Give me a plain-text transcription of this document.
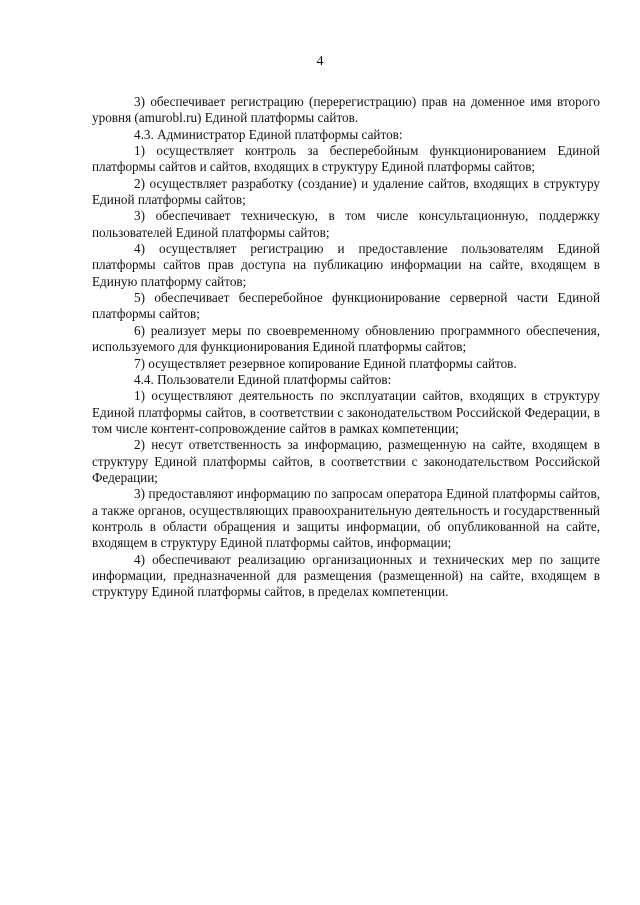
4

3) обеспечивает регистрацию (перерегистрацию) прав на доменное имя второго уровня (amurobl.ru) Единой платформы сайтов.

4.3. Администратор Единой платформы сайтов:

1) осуществляет контроль за бесперебойным функционированием Единой платформы сайтов и сайтов, входящих в структуру Единой платформы сайтов;

2) осуществляет разработку (создание) и удаление сайтов, входящих в структуру Единой платформы сайтов;

3) обеспечивает техническую, в том числе консультационную, поддержку пользователей Единой платформы сайтов;

4) осуществляет регистрацию и предоставление пользователям Единой платформы сайтов прав доступа на публикацию информации на сайте, входящем в Единую платформу сайтов;

5) обеспечивает бесперебойное функционирование серверной части Единой платформы сайтов;

6) реализует меры по своевременному обновлению программного обеспечения, используемого для функционирования Единой платформы сайтов;

7) осуществляет резервное копирование Единой платформы сайтов.

4.4. Пользователи Единой платформы сайтов:

1) осуществляют деятельность по эксплуатации сайтов, входящих в структуру Единой платформы сайтов, в соответствии с законодательством Российской Федерации, в том числе контент-сопровождение сайтов в рамках компетенции;

2) несут ответственность за информацию, размещенную на сайте, входящем в структуру Единой платформы сайтов, в соответствии с законодательством Российской Федерации;

3) предоставляют информацию по запросам оператора Единой платформы сайтов, а также органов, осуществляющих правоохранительную деятельность и государственный контроль в области обращения и защиты информации, об опубликованной на сайте, входящем в структуру Единой платформы сайтов, информации;

4) обеспечивают реализацию организационных и технических мер по защите информации, предназначенной для размещения (размещенной) на сайте, входящем в структуру Единой платформы сайтов, в пределах компетенции.
